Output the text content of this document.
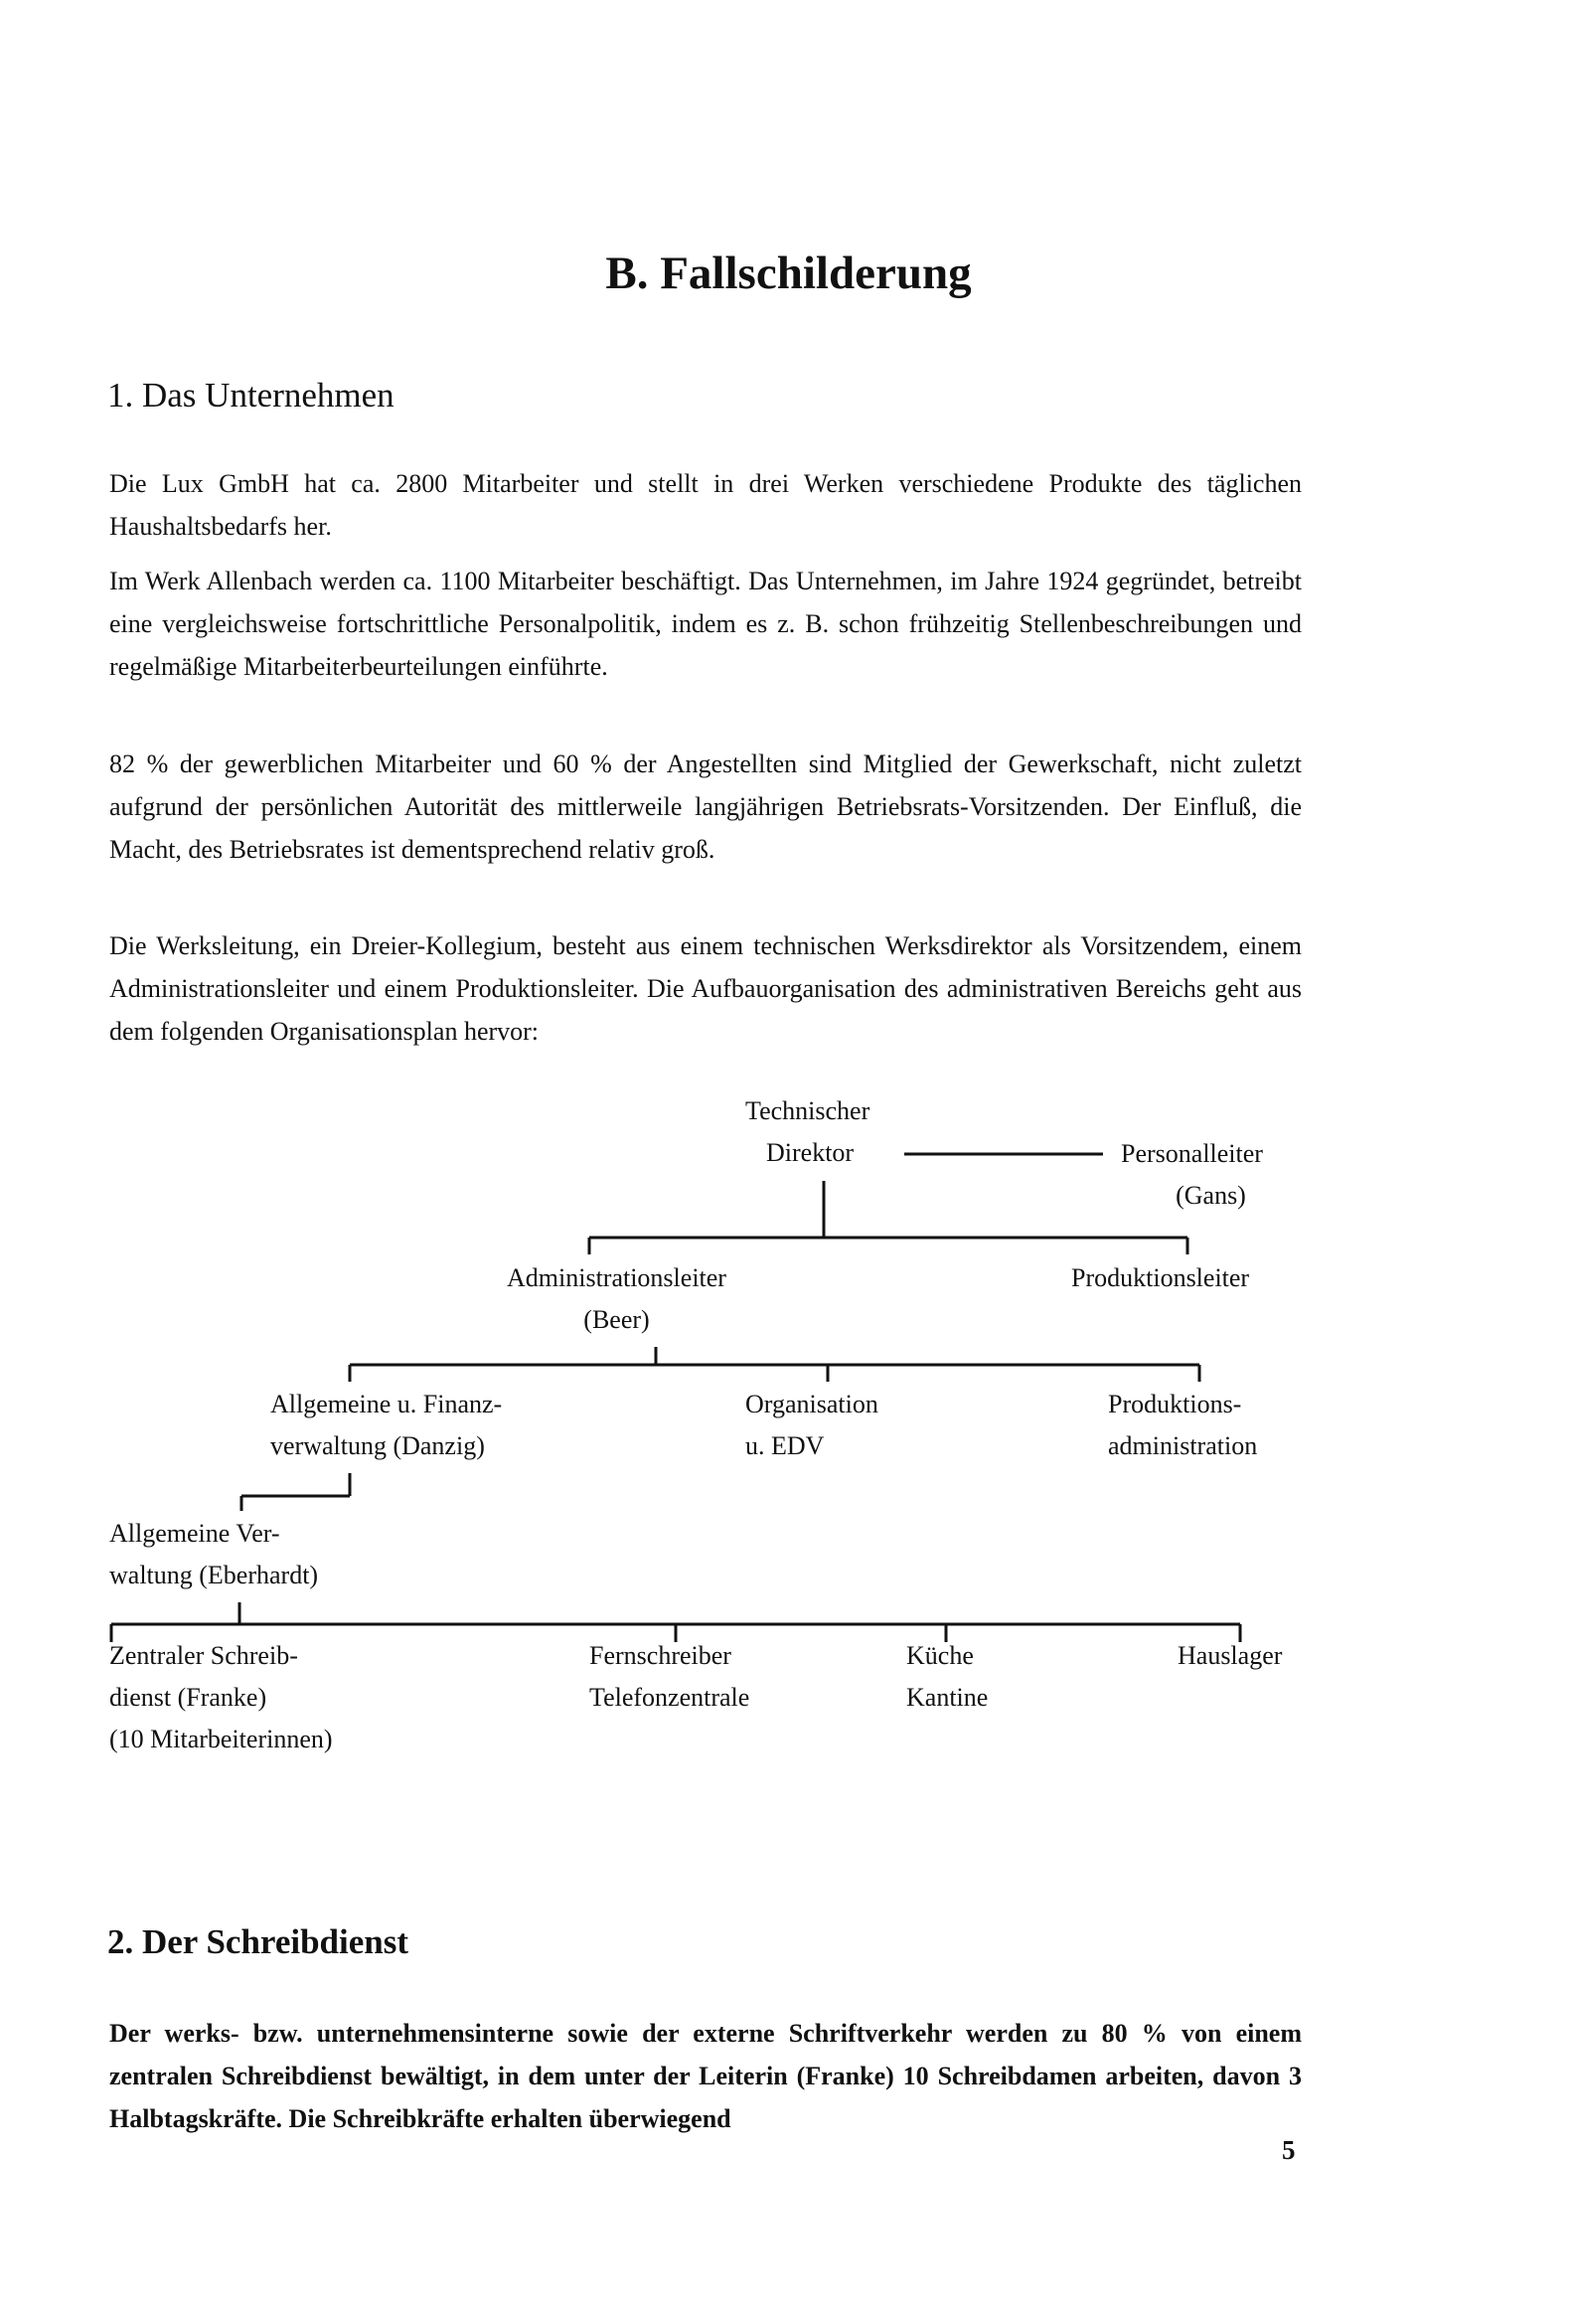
B. Fallschilderung
1. Das Unternehmen

Die Lux GmbH hat ca. 2800 Mitarbeiter und stellt in drei Werken verschiedene Produkte des täglichen Haushaltsbedarfs her.

Im Werk Allenbach werden ca. 1100 Mitarbeiter beschäftigt. Das Unternehmen, im Jahre 1924 gegründet, betreibt eine vergleichsweise fortschrittliche Personalpolitik, indem es z. B. schon frühzeitig Stellenbeschreibungen und regelmäßige Mitarbeiterbeurteilungen einführte.

82 % der gewerblichen Mitarbeiter und 60 % der Angestellten sind Mitglied der Gewerkschaft, nicht zuletzt aufgrund der persönlichen Autorität des mittlerweile langjährigen Betriebsrats-Vorsitzenden. Der Einfluß, die Macht, des Betriebsrates ist dementsprechend relativ groß.

Die Werksleitung, ein Dreier-Kollegium, besteht aus einem technischen Werksdirektor als Vorsitzendem, einem Administrationsleiter und einem Produktionsleiter. Die Aufbauorganisation des administrativen Bereichs geht aus dem folgenden Organisationsplan hervor:

Technischer
Direktor	Personalleiter
(Gans)
Administrationsleiter
(Beer)
Produktionsleiter
Allgemeine u. Finanz-
verwaltung (Danzig)
Organisation
u. EDV
Produktions-
administration
Allgemeine Ver-
waltung (Eberhardt)
Zentraler Schreib-
dienst (Franke)
(10 Mitarbeiterinnen)
Fernschreiber
Telefonzentrale
Küche
Kantine
Hauslager
2. Der Schreibdienst

Der werks- bzw. unternehmensinterne sowie der externe Schriftverkehr werden zu 80 % von einem zentralen Schreibdienst bewältigt, in dem unter der Leiterin (Franke) 10 Schreibdamen arbeiten, davon 3 Halbtagskräfte. Die Schreibkräfte erhalten überwiegend

5
